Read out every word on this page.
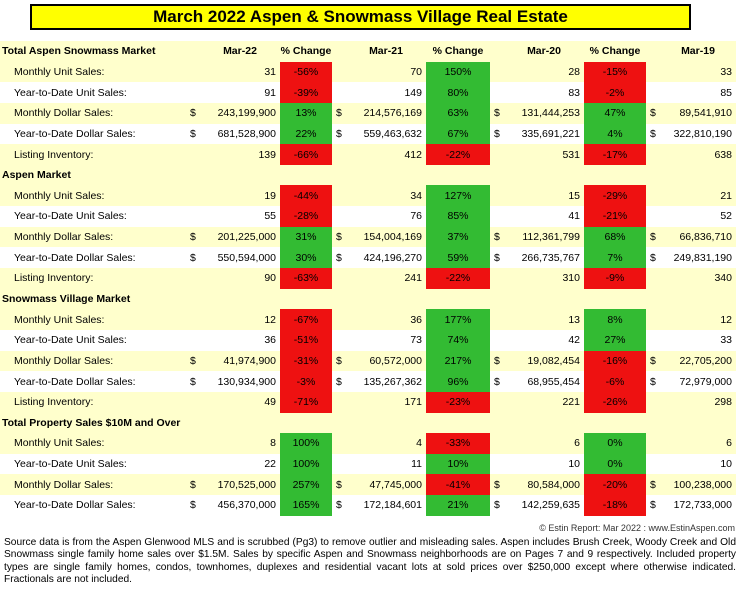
March 2022 Aspen & Snowmass Village Real Estate
Total Aspen Snowmass Market		Mar-22	% Change		Mar-21	% Change		Mar-20	% Change		Mar-19
Monthly Unit Sales:		31	-56%		70	150%		28	-15%		33
Year-to-Date Unit Sales:		91	-39%		149	80%		83	-2%		85
Monthly Dollar Sales:	$	243,199,900	13%	$	214,576,169	63%	$	131,444,253	47%	$	89,541,910
Year-to-Date Dollar Sales:	$	681,528,900	22%	$	559,463,632	67%	$	335,691,221	4%	$	322,810,190
Listing Inventory:		139	-66%		412	-22%		531	-17%		638
Aspen Market											
Monthly Unit Sales:		19	-44%		34	127%		15	-29%		21
Year-to-Date Unit Sales:		55	-28%		76	85%		41	-21%		52
Monthly Dollar Sales:	$	201,225,000	31%	$	154,004,169	37%	$	112,361,799	68%	$	66,836,710
Year-to-Date Dollar Sales:	$	550,594,000	30%	$	424,196,270	59%	$	266,735,767	7%	$	249,831,190
Listing Inventory:		90	-63%		241	-22%		310	-9%		340
Snowmass Village Market											
Monthly Unit Sales:		12	-67%		36	177%		13	8%		12
Year-to-Date Unit Sales:		36	-51%		73	74%		42	27%		33
Monthly Dollar Sales:	$	41,974,900	-31%	$	60,572,000	217%	$	19,082,454	-16%	$	22,705,200
Year-to-Date Dollar Sales:	$	130,934,900	-3%	$	135,267,362	96%	$	68,955,454	-6%	$	72,979,000
Listing Inventory:		49	-71%		171	-23%		221	-26%		298
Total Property Sales $10M and Over											
Monthly Unit Sales:		8	100%		4	-33%		6	0%		6
Year-to-Date Unit Sales:		22	100%		11	10%		10	0%		10
Monthly Dollar Sales:	$	170,525,000	257%	$	47,745,000	-41%	$	80,584,000	-20%	$	100,238,000
Year-to-Date Dollar Sales:	$	456,370,000	165%	$	172,184,601	21%	$	142,259,635	-18%	$	172,733,000
© Estin Report: Mar 2022 : www.EstinAspen.com
Source data is from the Aspen Glenwood MLS and is scrubbed (Pg3) to remove outlier and misleading sales. Aspen includes Brush Creek, Woody Creek and Old Snowmass single family home sales over $1.5M. Sales by specific Aspen and Snowmass neighborhoods are on Pages 7 and 9 respectively. Included property types are single family homes, condos, townhomes, duplexes and residential vacant lots at sold prices over $250,000 except where otherwise indicated. Fractionals are not included.
